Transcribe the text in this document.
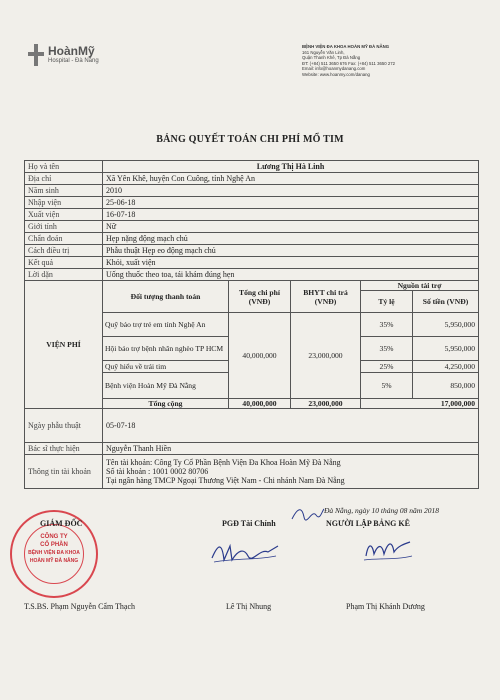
HoànMỹ
Hospital - Đà Nẵng
BỆNH VIỆN ĐA KHOA HOÀN MỸ ĐÀ NẴNG
161 Nguyễn Văn Linh,
Quận Thanh Khê, Tp Đà Nẵng
ĐT: (+84) 511 3650 676 Fax: (+84) 511 3650 272
Email: info@hoanmydanang.com
Website: www.hoanmy.com/danang
BẢNG QUYẾT TOÁN CHI PHÍ MỔ TIM
Họ và tên	Lương Thị Hà Linh
Địa chỉ	Xã Yên Khê, huyện Con Cuông, tỉnh Nghệ An
Năm sinh	2010
Nhập viện	25-06-18
Xuất viện	16-07-18
Giới tính	Nữ
Chẩn đoán	Hẹp nặng động mạch chủ
Cách điều trị	Phẫu thuật Hẹp eo động mạch chủ
Kết quả	Khỏi, xuất viện
Lời dặn	Uống thuốc theo toa, tái khám đúng hẹn
VIỆN PHÍ	Đối tượng thanh toán	Tổng chi phí (VNĐ)	BHYT chi trả (VNĐ)	Nguồn tài trợ	
				Tỷ lệ	Số tiền (VNĐ)
	Quỹ bảo trợ trẻ em tỉnh Nghệ An	40,000,000	23,000,000	35%	5,950,000
	Hội bảo trợ bệnh nhân nghèo TP HCM			35%	5,950,000
	Quỹ hiểu về trái tim			25%	4,250,000
	Bệnh viện Hoàn Mỹ Đà Nẵng			5%	850,000
	Tổng cộng	40,000,000	23,000,000	17,000,000	
Ngày phẫu thuật	05-07-18
Bác sĩ thực hiện	Nguyễn Thanh Hiền
Thông tin tài khoản	Tên tài khoản: Công Ty Cổ Phần Bệnh Viện Đa Khoa Hoàn Mỹ Đà Nẵng
Số tài khoản : 1001 0002 80706
Tại ngân hàng TMCP Ngoại Thương Việt Nam - Chi nhánh Nam Đà Nẵng
Đà Nẵng, ngày 10 tháng 08 năm 2018
CÔNG TY
CỔ PHẦN
BỆNH VIỆN ĐA KHOA
HOÀN MỸ ĐÀ NẴNG
GIÁM ĐỐC	PGĐ Tài Chính	NGƯỜI LẬP BẢNG KÊ
T.S.BS. Phạm Nguyễn Cẩm Thạch	Lê Thị Nhung	Phạm Thị Khánh Dương
